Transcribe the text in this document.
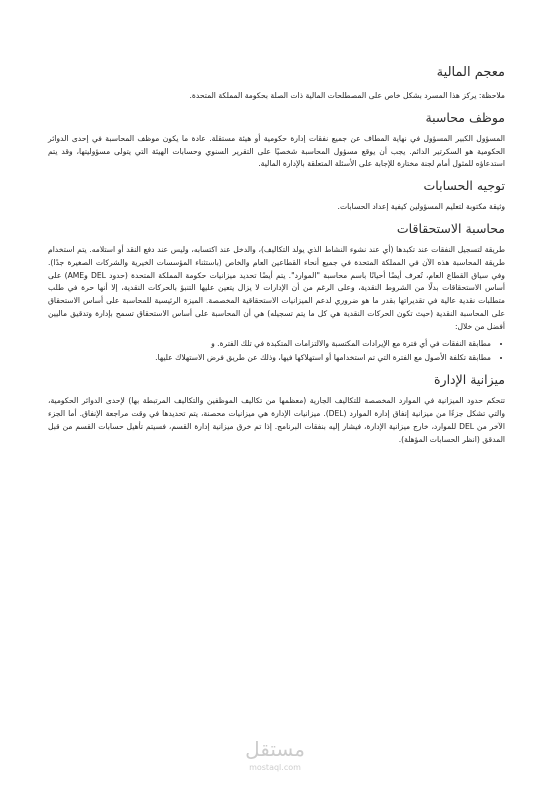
معجم المالية

ملاحظة: يركز هذا المسرد بشكل خاص على المصطلحات المالية ذات الصلة بحكومة المملكة المتحدة.

موظف محاسبة

المسؤول الكبير المسؤول في نهاية المطاف عن جميع نفقات إدارة حكومية أو هيئة مستقلة. عادة ما يكون موظف المحاسبة في إحدى الدوائر الحكومية هو السكرتير الدائم. يجب أن يوقع مسؤول المحاسبة شخصيًا على التقرير السنوي وحسابات الهيئة التي يتولى مسؤوليتها، وقد يتم استدعاؤه للمثول أمام لجنة مختارة للإجابة على الأسئلة المتعلقة بالإدارة المالية.

توجيه الحسابات

وثيقة مكتوبة لتعليم المسؤولين كيفية إعداد الحسابات.

محاسبة الاستحقاقات

طريقة لتسجيل النفقات عند تكبدها (أي عند نشوء النشاط الذي يولد التكاليف)، والدخل عند اكتسابه، وليس عند دفع النقد أو استلامه. يتم استخدام طريقة المحاسبة هذه الآن في المملكة المتحدة في جميع أنحاء القطاعين العام والخاص (باستثناء المؤسسات الخيرية والشركات الصغيرة جدًا). وفي سياق القطاع العام، تُعرف أيضًا أحيانًا باسم محاسبة "الموارد". يتم أيضًا تحديد ميزانيات حكومة المملكة المتحدة (حدود DEL وAME) على أساس الاستحقاقات بدلًا من الشروط النقدية، وعلى الرغم من أن الإدارات لا يزال يتعين عليها التنبؤ بالحركات النقدية، إلا أنها حرة في طلب متطلبات نقدية عالية في تقديراتها بقدر ما هو ضروري لدعم الميزانيات الاستحقاقية المخصصة. الميزة الرئيسية للمحاسبة على أساس الاستحقاق على المحاسبة النقدية (حيث تكون الحركات النقدية هي كل ما يتم تسجيله) هي أن المحاسبة على أساس الاستحقاق تسمح بإدارة وتدقيق ماليين أفضل من خلال:

• مطابقة النفقات في أي فترة مع الإيرادات المكتسبة والالتزامات المتكبدة في تلك الفترة. و
• مطابقة تكلفة الأصول مع الفترة التي تم استخدامها أو استهلاكها فيها، وذلك عن طريق فرض الاستهلاك عليها.
ميزانية الإدارة

تتحكم حدود الميزانية في الموارد المخصصة للتكاليف الجارية (معظمها من تكاليف الموظفين والتكاليف المرتبطة بها) لإحدى الدوائر الحكومية، والتي تشكل جزءًا من ميزانية إنفاق إدارة الموارد (DEL). ميزانيات الإدارة هي ميزانيات محصنة، يتم تحديدها في وقت مراجعة الإنفاق. أما الجزء الآخر من DEL للموارد، خارج ميزانية الإدارة، فيشار إليه بنفقات البرنامج. إذا تم خرق ميزانية إدارة القسم، فسيتم تأهيل حسابات القسم من قبل المدقق (انظر الحسابات المؤهلة).

مستقل
mostaql.com
